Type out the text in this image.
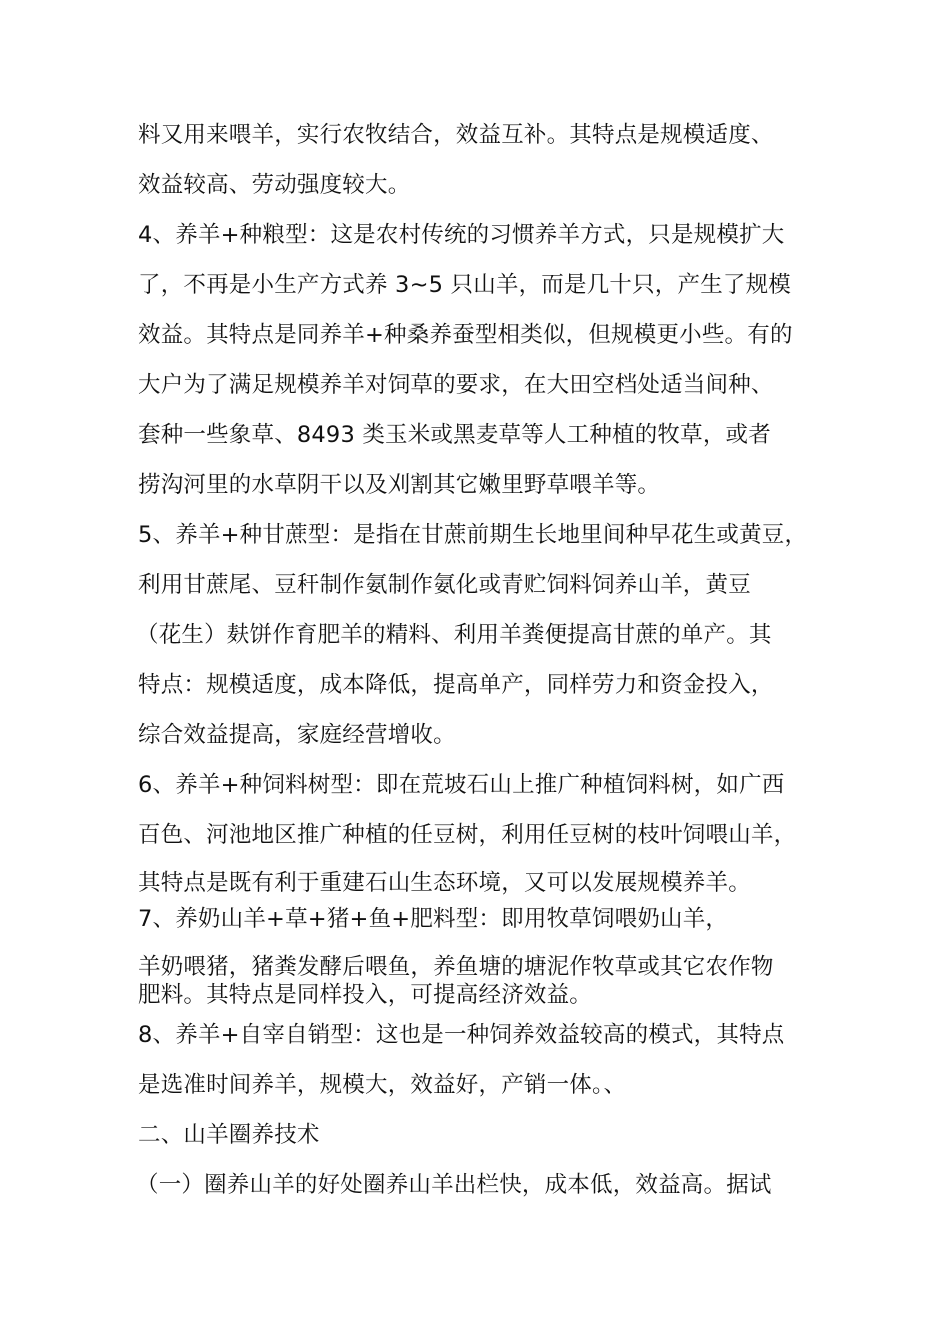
料又用来喂羊，实行农牧结合，效益互补。其特点是规模适度、
效益较高、劳动强度较大。
4、养羊+种粮型：这是农村传统的习惯养羊方式，只是规模扩大
了，不再是小生产方式养 3~5 只山羊，而是几十只，产生了规模
效益。其特点是同养羊+种桑养蚕型相类似，但规模更小些。有的
大户为了满足规模养羊对饲草的要求，在大田空档处适当间种、
套种一些象草、8493 类玉米或黑麦草等人工种植的牧草，或者
捞沟河里的水草阴干以及刈割其它嫩里野草喂羊等。
5、养羊+种甘蔗型：是指在甘蔗前期生长地里间种早花生或黄豆，
利用甘蔗尾、豆秆制作氨制作氨化或青贮饲料饲养山羊，黄豆
（花生）麸饼作育肥羊的精料、利用羊粪便提高甘蔗的单产。其
特点：规模适度，成本降低，提高单产，同样劳力和资金投入，
综合效益提高，家庭经营增收。
6、养羊+种饲料树型：即在荒坡石山上推广种植饲料树，如广西
百色、河池地区推广种植的任豆树，利用任豆树的枝叶饲喂山羊，
其特点是既有利于重建石山生态环境，又可以发展规模养羊。
7、养奶山羊+草+猪+鱼+肥料型：即用牧草饲喂奶山羊，
羊奶喂猪，猪粪发酵后喂鱼，养鱼塘的塘泥作牧草或其它农作物
肥料。其特点是同样投入，可提高经济效益。
8、养羊+自宰自销型：这也是一种饲养效益较高的模式，其特点
是选准时间养羊，规模大，效益好，产销一体。、
二、山羊圈养技术
（一）圈养山羊的好处圈养山羊出栏快，成本低，效益高。据试
